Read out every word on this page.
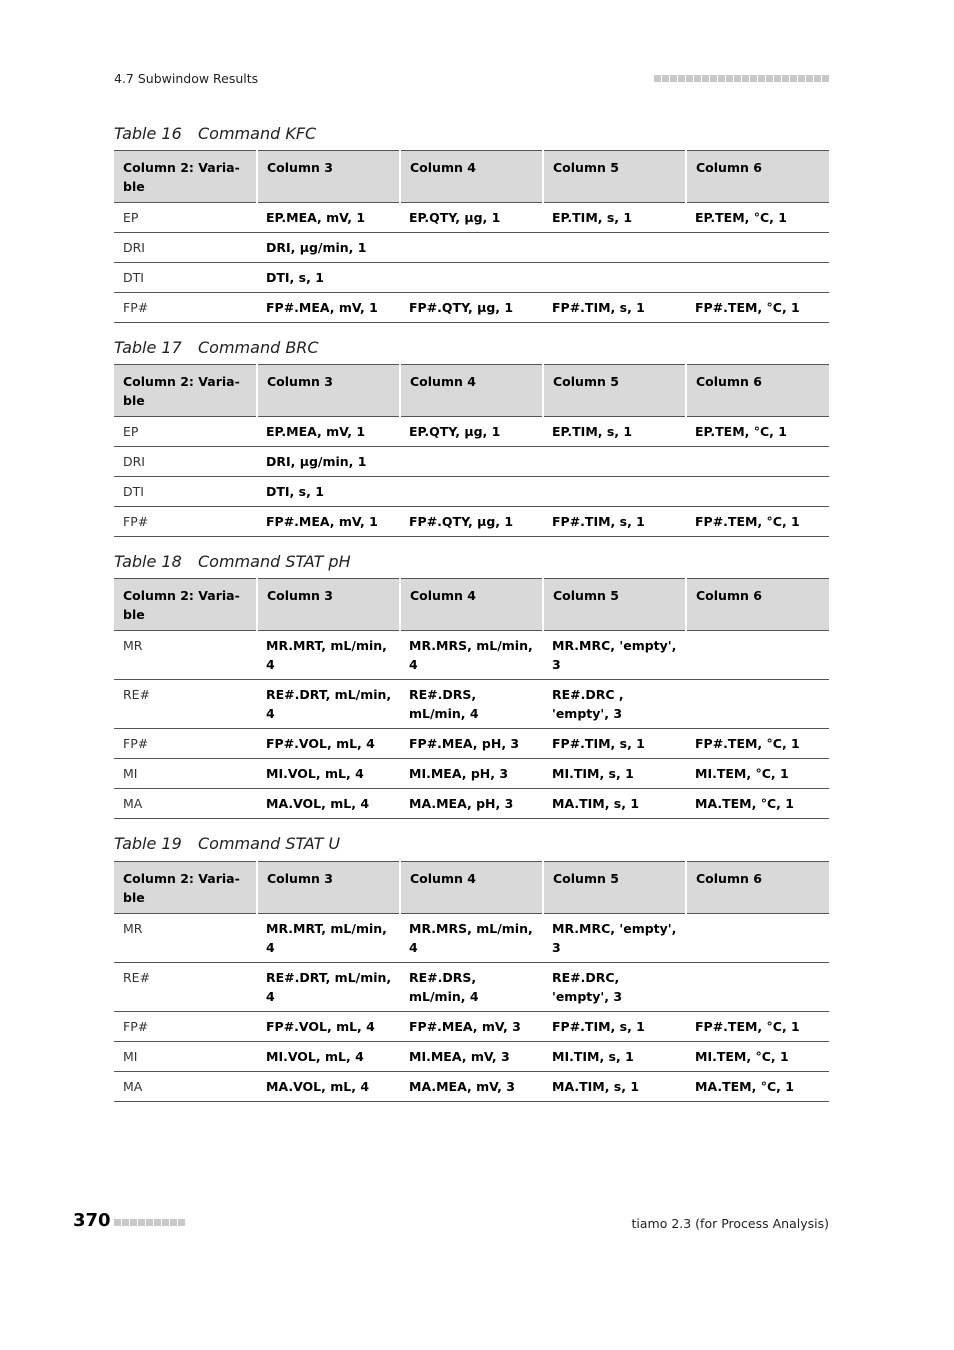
4.7 Subwindow Results
Table 16 Command KFC
Column 2: Varia-ble	Column 3	Column 4	Column 5	Column 6
EP	EP.MEA, mV, 1	EP.QTY, µg, 1	EP.TIM, s, 1	EP.TEM, °C, 1
DRI	DRI, µg/min, 1			
DTI	DTI, s, 1			
FP#	FP#.MEA, mV, 1	FP#.QTY, µg, 1	FP#.TIM, s, 1	FP#.TEM, °C, 1
Table 17 Command BRC
Column 2: Varia-ble	Column 3	Column 4	Column 5	Column 6
EP	EP.MEA, mV, 1	EP.QTY, µg, 1	EP.TIM, s, 1	EP.TEM, °C, 1
DRI	DRI, µg/min, 1			
DTI	DTI, s, 1			
FP#	FP#.MEA, mV, 1	FP#.QTY, µg, 1	FP#.TIM, s, 1	FP#.TEM, °C, 1
Table 18 Command STAT pH
Column 2: Varia-ble	Column 3	Column 4	Column 5	Column 6
MR	MR.MRT, mL/min, 4	MR.MRS, mL/min, 4	MR.MRC, 'empty', 3	
RE#	RE#.DRT, mL/min, 4	RE#.DRS, mL/min, 4	RE#.DRC , 'empty', 3	
FP#	FP#.VOL, mL, 4	FP#.MEA, pH, 3	FP#.TIM, s, 1	FP#.TEM, °C, 1
MI	MI.VOL, mL, 4	MI.MEA, pH, 3	MI.TIM, s, 1	MI.TEM, °C, 1
MA	MA.VOL, mL, 4	MA.MEA, pH, 3	MA.TIM, s, 1	MA.TEM, °C, 1
Table 19 Command STAT U
Column 2: Varia-ble	Column 3	Column 4	Column 5	Column 6
MR	MR.MRT, mL/min, 4	MR.MRS, mL/min, 4	MR.MRC, 'empty', 3	
RE#	RE#.DRT, mL/min, 4	RE#.DRS, mL/min, 4	RE#.DRC, 'empty', 3	
FP#	FP#.VOL, mL, 4	FP#.MEA, mV, 3	FP#.TIM, s, 1	FP#.TEM, °C, 1
MI	MI.VOL, mL, 4	MI.MEA, mV, 3	MI.TIM, s, 1	MI.TEM, °C, 1
MA	MA.VOL, mL, 4	MA.MEA, mV, 3	MA.TIM, s, 1	MA.TEM, °C, 1
370	tiamo 2.3 (for Process Analysis)
